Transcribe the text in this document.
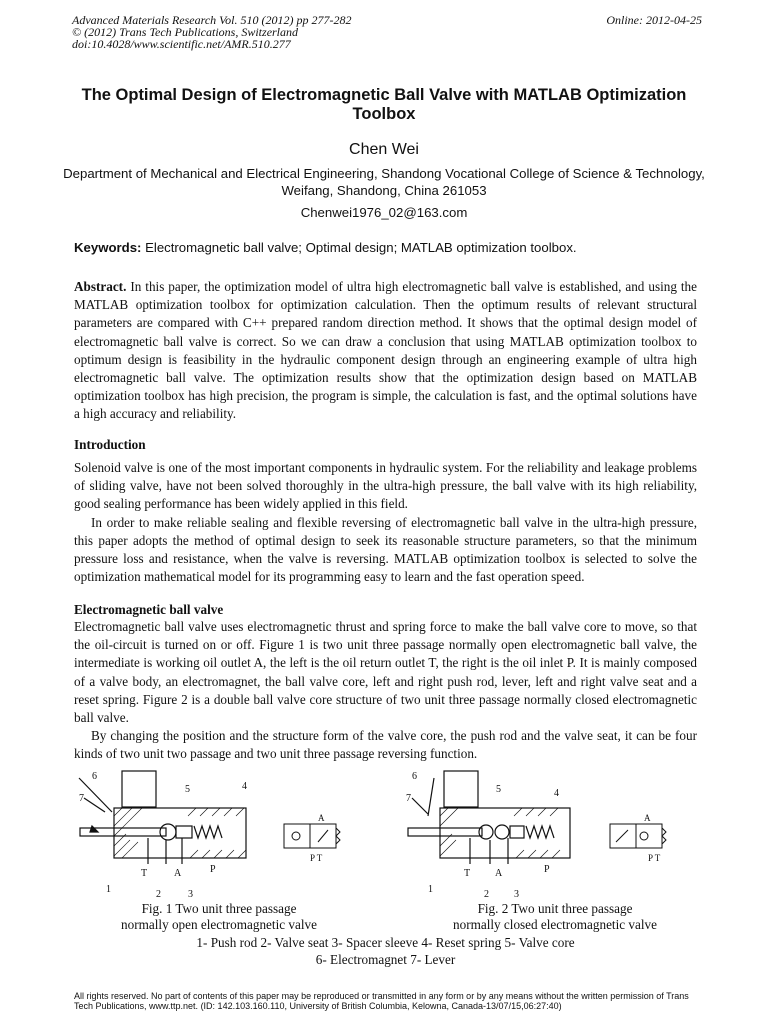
Advanced Materials Research Vol. 510 (2012) pp 277-282
© (2012) Trans Tech Publications, Switzerland
doi:10.4028/www.scientific.net/AMR.510.277
Online: 2012-04-25
The Optimal Design of Electromagnetic Ball Valve with MATLAB Optimization Toolbox
Chen Wei
Department of Mechanical and Electrical Engineering, Shandong Vocational College of Science & Technology, Weifang, Shandong, China 261053
Chenwei1976_02@163.com
Keywords: Electromagnetic ball valve; Optimal design; MATLAB optimization toolbox.

Abstract. In this paper, the optimization model of ultra high electromagnetic ball valve is established, and using the MATLAB optimization toolbox for optimization calculation. Then the optimum results of relevant structural parameters are compared with C++ prepared random direction method. It shows that the optimal design model of electromagnetic ball valve is correct. So we can draw a conclusion that using MATLAB optimization toolbox to optimum design is feasibility in the hydraulic component design through an engineering example of ultra high electromagnetic ball valve. The optimization results show that the optimization design based on MATLAB optimization toolbox has high precision, the program is simple, the calculation is fast, and the optimal solutions have a high accuracy and reliability.

Introduction

Solenoid valve is one of the most important components in hydraulic system. For the reliability and leakage problems of sliding valve, have not been solved thoroughly in the ultra-high pressure, the ball valve with its high reliability, good sealing performance has been widely applied in this field.

In order to make reliable sealing and flexible reversing of electromagnetic ball valve in the ultra-high pressure, this paper adopts the method of optimal design to seek its reasonable structure parameters, so that the minimum pressure loss and resistance, when the valve is reversing. MATLAB optimization toolbox is selected to solve the optimization mathematical model for its programming easy to learn and the fast operation speed.

Electromagnetic ball valve

Electromagnetic ball valve uses electromagnetic thrust and spring force to make the ball valve core to move, so that the oil-circuit is turned on or off. Figure 1 is two unit three passage normally open electromagnetic ball valve, the intermediate is working oil outlet A, the left is the oil return outlet T, the right is the oil inlet P. It is mainly composed of a valve body, an electromagnet, the ball valve core, left and right push rod, lever, left and right valve seat and a reset spring. Figure 2 is a double ball valve core structure of two unit three passage normally closed electromagnetic ball valve.

By changing the position and the structure form of the valve core, the push rod and the valve seat, it can be four kinds of two unit two passage and two unit three passage reversing function.

6
7
5	4
T	A	P
1	2	3
A
P T
6
7
5	4
T A	P
1	2	3
A
P T
Fig. 1 Two unit three passage
normally open electromagnetic valve
Fig. 2 Two unit three passage
normally closed electromagnetic valve
1- Push rod 2- Valve seat 3- Spacer sleeve 4- Reset spring 5- Valve core
6- Electromagnet 7- Lever
All rights reserved. No part of contents of this paper may be reproduced or transmitted in any form or by any means without the written permission of Trans Tech Publications, www.ttp.net. (ID: 142.103.160.110, University of British Columbia, Kelowna, Canada-13/07/15,06:27:40)
